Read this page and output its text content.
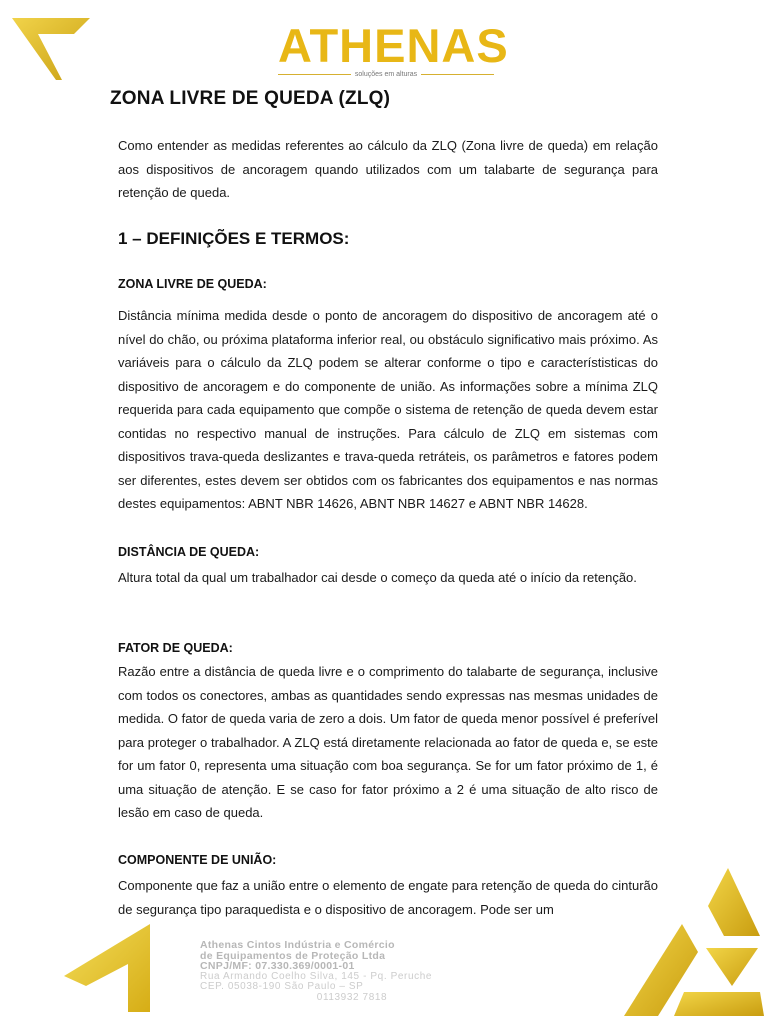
ATHENAS
soluções em alturas
ZONA LIVRE DE QUEDA (ZLQ)

Como entender as medidas referentes ao cálculo da ZLQ (Zona livre de queda) em relação aos dispositivos de ancoragem quando utilizados com um talabarte de segurança para retenção de queda.

1 – DEFINIÇÕES E TERMOS:
ZONA LIVRE DE QUEDA:

Distância mínima medida desde o ponto de ancoragem do dispositivo de ancoragem até o nível do chão, ou próxima plataforma inferior real, ou obstáculo significativo mais próximo. As variáveis para o cálculo da ZLQ podem se alterar conforme o tipo e característisticas do dispositivo de ancoragem e do componente de união. As informações sobre a mínima ZLQ requerida para cada equipamento que compõe o sistema de retenção de queda devem estar contidas no respectivo manual de instruções. Para cálculo de ZLQ em sistemas com dispositivos trava-queda deslizantes e trava-queda retráteis, os parâmetros e fatores podem ser diferentes, estes devem ser obtidos com os fabricantes dos equipamentos e nas normas destes equipamentos: ABNT NBR 14626, ABNT NBR 14627 e ABNT NBR 14628.

DISTÂNCIA DE QUEDA:

Altura total da qual um trabalhador cai desde o começo da queda até o início da retenção.

FATOR DE QUEDA:

Razão entre a distância de queda livre e o comprimento do talabarte de segurança, inclusive com todos os conectores, ambas as quantidades sendo expressas nas mesmas unidades de medida. O fator de queda varia de zero a dois. Um fator de queda menor possível é preferível para proteger o trabalhador. A ZLQ está diretamente relacionada ao fator de queda e, se este for um fator 0, representa uma situação com boa segurança. Se for um fator próximo de 1, é uma situação de atenção. E se caso for fator próximo a 2 é uma situação de alto risco de lesão em caso de queda.

COMPONENTE DE UNIÃO:

Componente que faz a união entre o elemento de engate para retenção de queda do cinturão de segurança tipo paraquedista e o dispositivo de ancoragem. Pode ser um

Athenas Cintos Indústria e Comércio
de Equipamentos de Proteção Ltda
CNPJ/MF: 07.330.369/0001-01
Rua Armando Coelho Silva, 145 - Pq. Peruche
CEP. 05038-190 São Paulo – SP
0113932 7818
